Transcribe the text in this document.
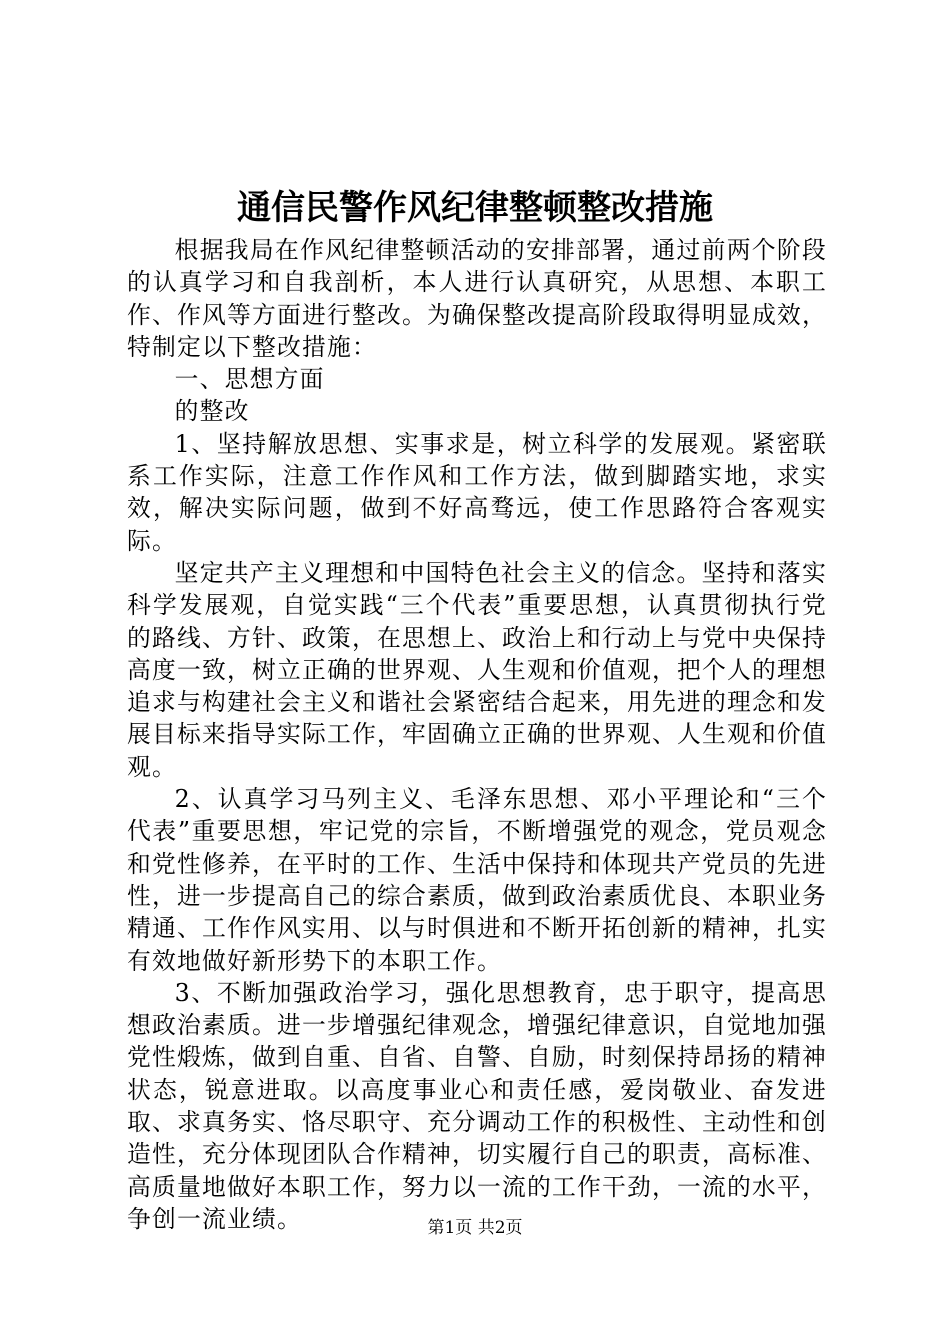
通信民警作风纪律整顿整改措施

根据我局在作风纪律整顿活动的安排部署，通过前两个阶段的认真学习和自我剖析，本人进行认真研究，从思想、本职工作、作风等方面进行整改。为确保整改提高阶段取得明显成效，特制定以下整改措施：

一、思想方面

的整改

1、坚持解放思想、实事求是，树立科学的发展观。紧密联系工作实际，注意工作作风和工作方法，做到脚踏实地，求实效，解决实际问题，做到不好高骛远，使工作思路符合客观实际。

坚定共产主义理想和中国特色社会主义的信念。坚持和落实科学发展观，自觉实践“三个代表”重要思想，认真贯彻执行党的路线、方针、政策，在思想上、政治上和行动上与党中央保持高度一致，树立正确的世界观、人生观和价值观，把个人的理想追求与构建社会主义和谐社会紧密结合起来，用先进的理念和发展目标来指导实际工作，牢固确立正确的世界观、人生观和价值观。

2、认真学习马列主义、毛泽东思想、邓小平理论和“三个代表”重要思想，牢记党的宗旨，不断增强党的观念，党员观念和党性修养，在平时的工作、生活中保持和体现共产党员的先进性，进一步提高自己的综合素质，做到政治素质优良、本职业务精通、工作作风实用、以与时俱进和不断开拓创新的精神，扎实有效地做好新形势下的本职工作。

3、不断加强政治学习，强化思想教育，忠于职守，提高思想政治素质。进一步增强纪律观念，增强纪律意识，自觉地加强党性煅炼，做到自重、自省、自警、自励，时刻保持昂扬的精神状态，锐意进取。以高度事业心和责任感，爱岗敬业、奋发进取、求真务实、恪尽职守、充分调动工作的积极性、主动性和创造性，充分体现团队合作精神，切实履行自己的职责，高标准、高质量地做好本职工作，努力以一流的工作干劲，一流的水平，争创一流业绩。	第1页 共2页
